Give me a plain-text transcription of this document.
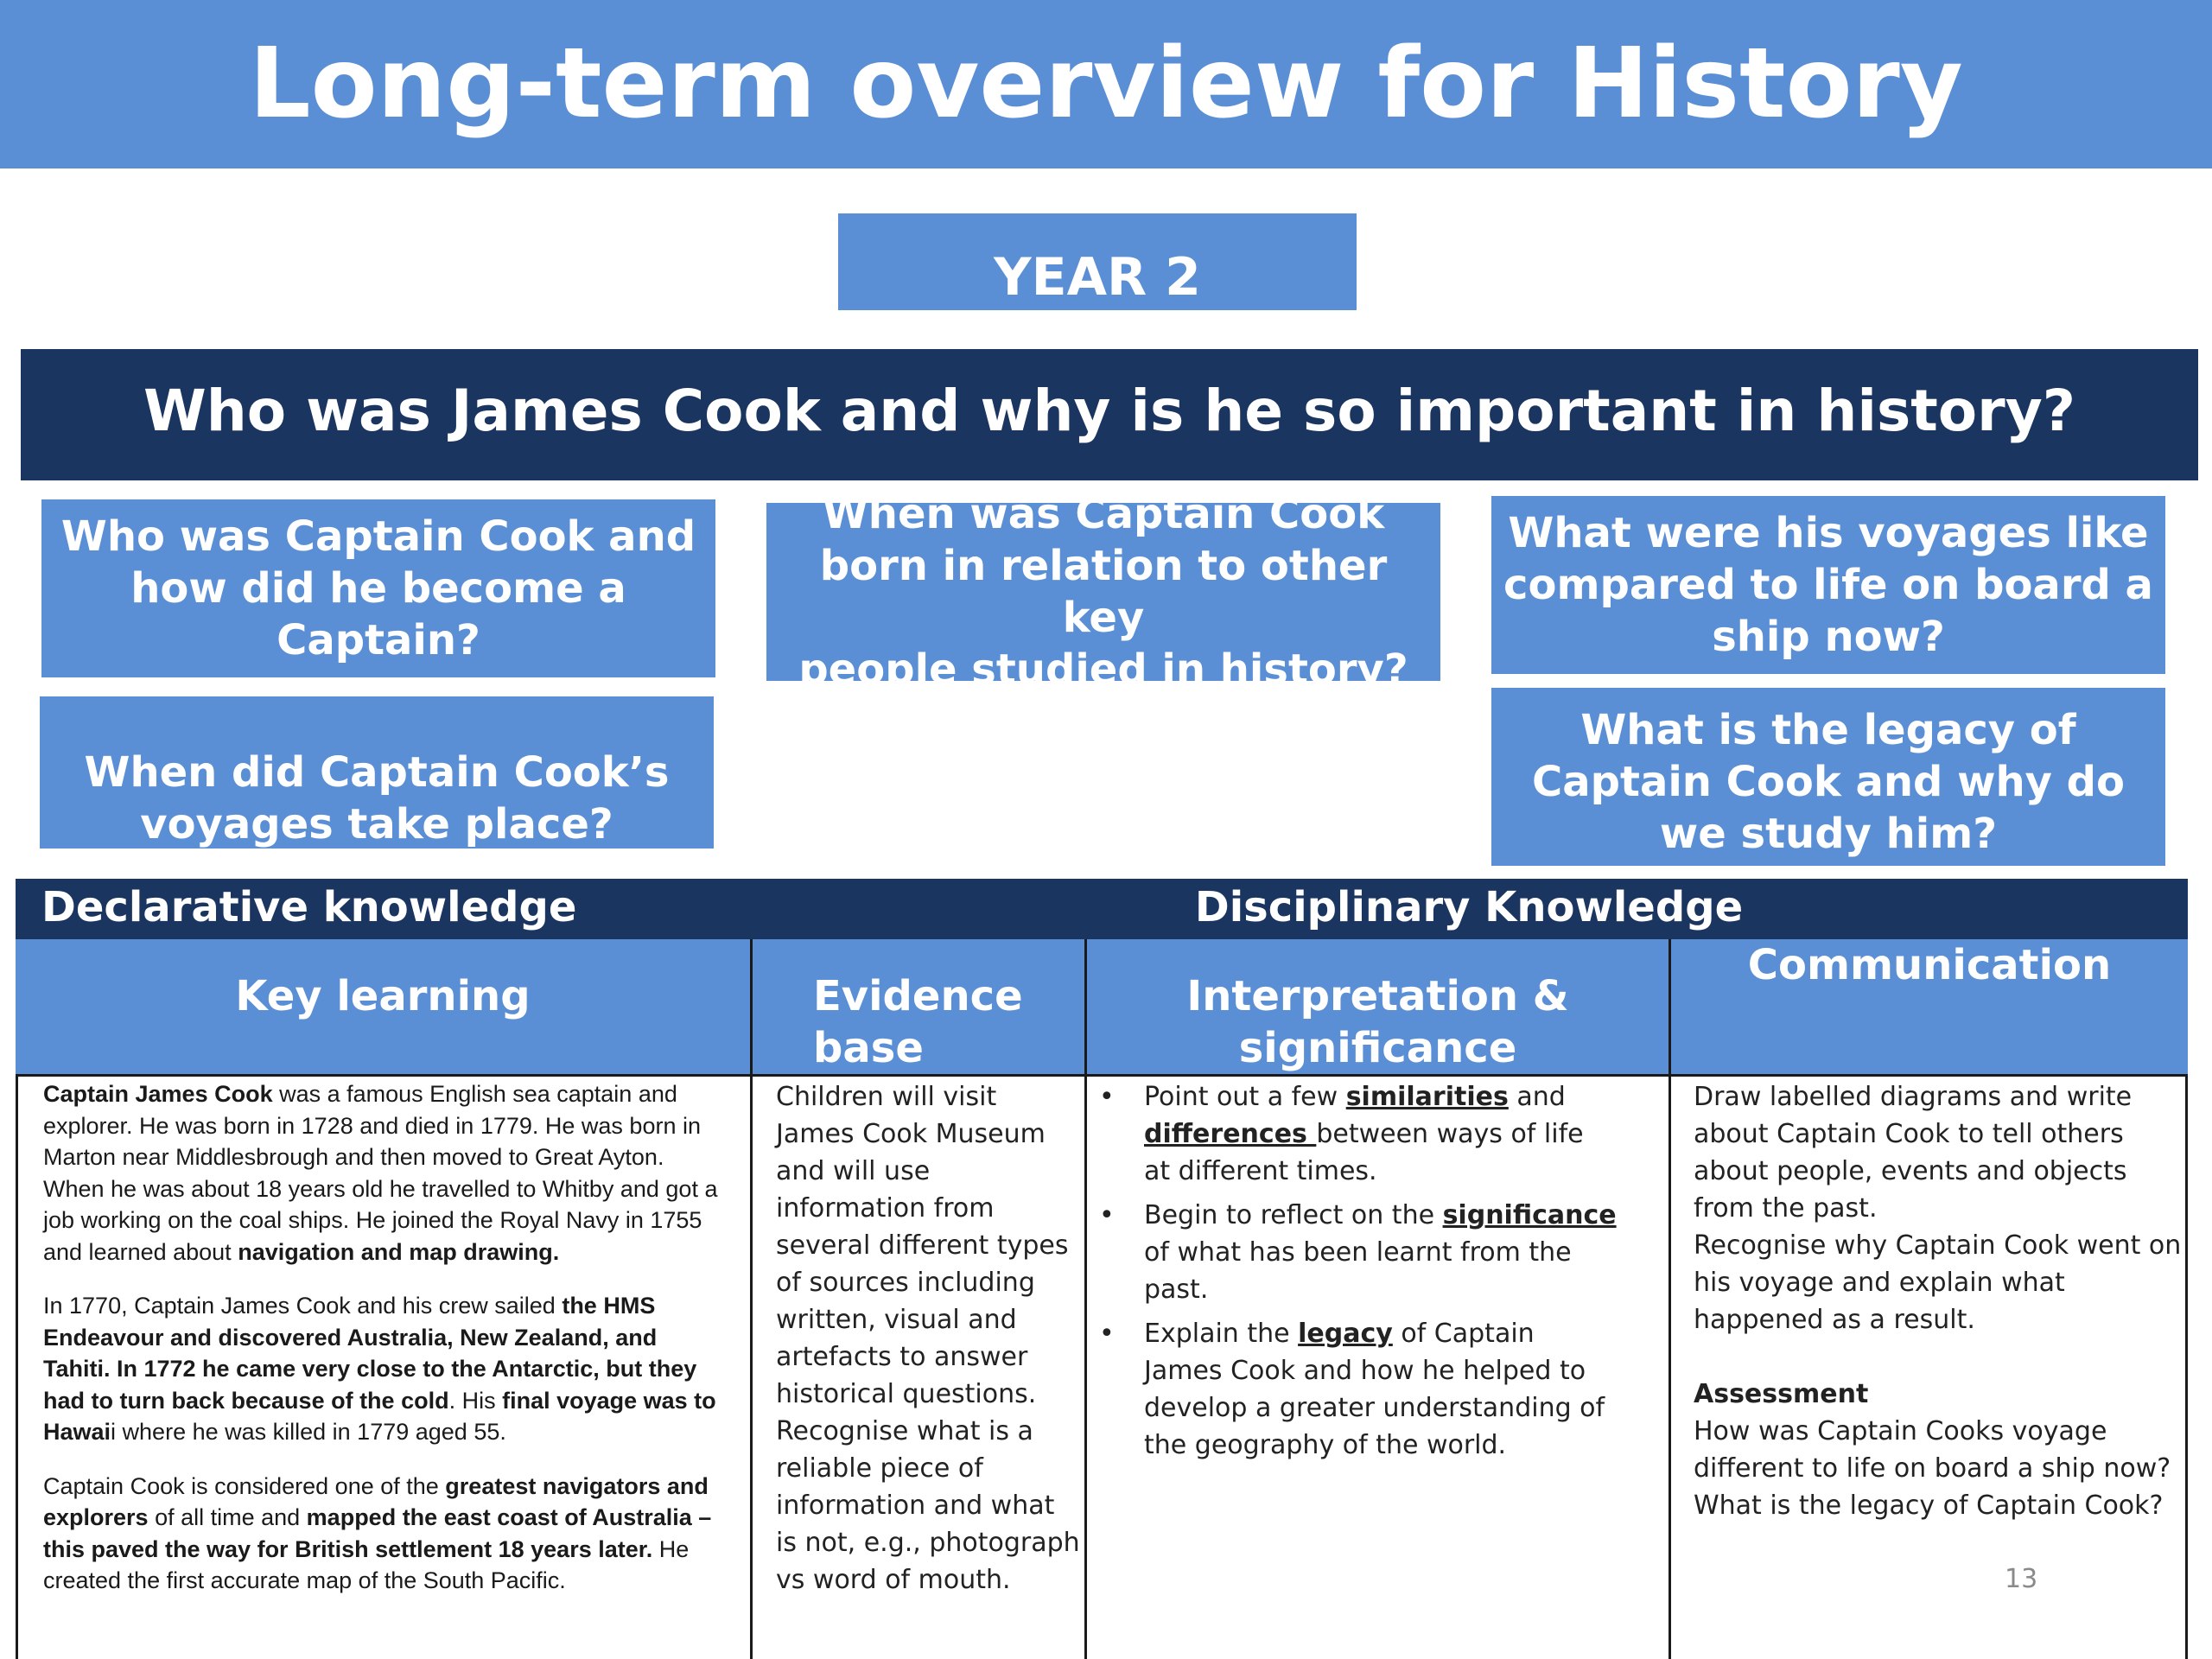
Long-term overview for History
YEAR 2
Who was James Cook and why is he so important in history?
Who was Captain Cook and
how did he become a
Captain?
When was Captain Cook
born in relation to other key
people studied in history?
What were his voyages like
compared to life on board a
ship now?
When did Captain Cook’s
voyages take place?
What is the legacy of
Captain Cook and why do
we study him?
Declarative knowledge	Disciplinary Knowledge
Key learning	Evidence
base
Interpretation &
significance
Communication

Captain James Cook was a famous English sea captain and explorer. He was born in 1728 and died in 1779. He was born in Marton near Middlesbrough and then moved to Great Ayton. When he was about 18 years old he travelled to Whitby and got a job working on the coal ships. He joined the Royal Navy in 1755 and learned about navigation and map drawing.

In 1770, Captain James Cook and his crew sailed the HMS Endeavour and discovered Australia, New Zealand, and Tahiti. In 1772 he came very close to the Antarctic, but they had to turn back because of the cold. His final voyage was to Hawaii where he was killed in 1779 aged 55.

Captain Cook is considered one of the greatest navigators and explorers of all time and mapped the east coast of Australia – this paved the way for British settlement 18 years later. He created the first accurate map of the South Pacific.

Children will visit James Cook Museum and will use information from several different types of sources including written, visual and artefacts to answer historical questions. Recognise what is a reliable piece of information and what is not, e.g., photograph vs word of mouth.

• Point out a few similarities and differences between ways of life at different times.
• Begin to reflect on the significance of what has been learnt from the past.
• Explain the legacy of Captain James Cook and how he helped to develop a greater understanding of the geography of the world.

Draw labelled diagrams and write about Captain Cook to tell others about people, events and objects from the past.

Recognise why Captain Cook went on his voyage and explain what happened as a result.

Assessment

How was Captain Cooks voyage different to life on board a ship now?

What is the legacy of Captain Cook?

13
